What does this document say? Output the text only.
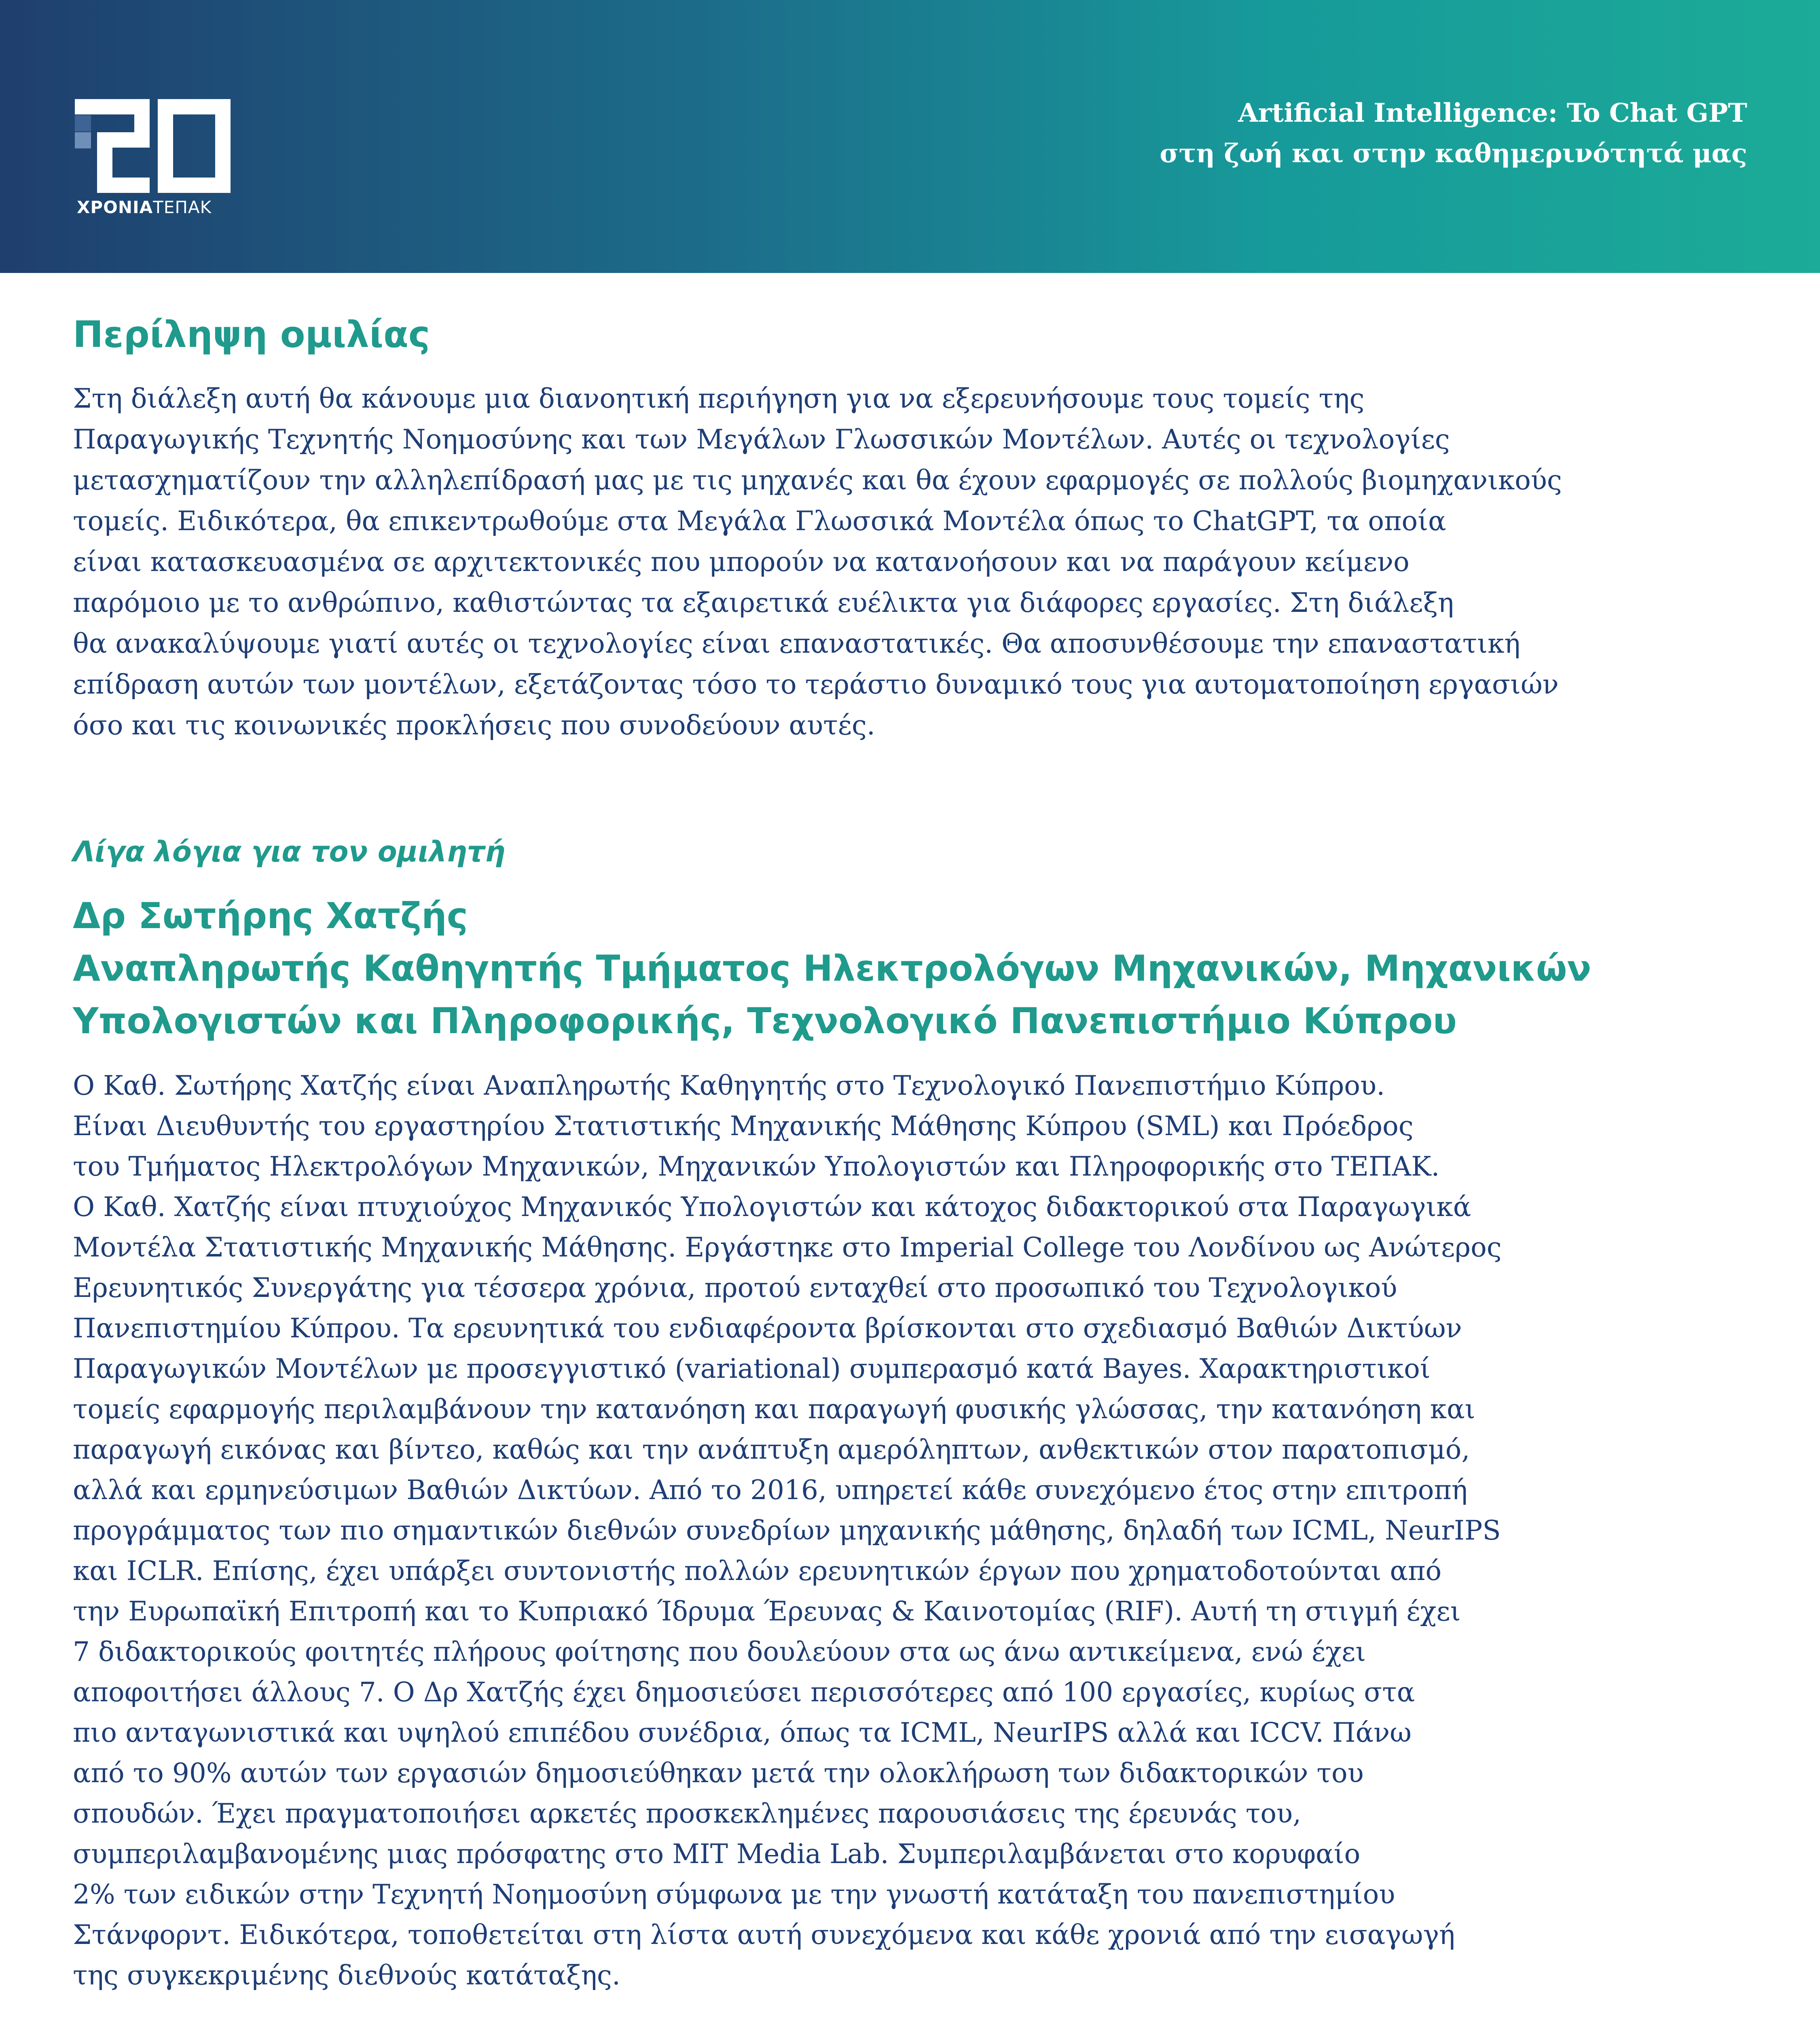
ΧΡΟΝΙΑΤΕΠΑΚ
Artificial Intelligence: To Chat GPT
στη ζωή και στην καθημερινότητά μας
Περίληψη ομιλίας
Στη διάλεξη αυτή θα κάνουμε μια διανοητική περιήγηση για να εξερευνήσουμε τους τομείς της
Παραγωγικής Τεχνητής Νοημοσύνης και των Μεγάλων Γλωσσικών Μοντέλων. Αυτές οι τεχνολογίες
μετασχηματίζουν την αλληλεπίδρασή μας με τις μηχανές και θα έχουν εφαρμογές σε πολλούς βιομηχανικούς
τομείς. Ειδικότερα, θα επικεντρωθούμε στα Μεγάλα Γλωσσικά Μοντέλα όπως το ChatGPT, τα οποία
είναι κατασκευασμένα σε αρχιτεκτονικές που μπορούν να κατανοήσουν και να παράγουν κείμενο
παρόμοιο με το ανθρώπινο, καθιστώντας τα εξαιρετικά ευέλικτα για διάφορες εργασίες. Στη διάλεξη
θα ανακαλύψουμε γιατί αυτές οι τεχνολογίες είναι επαναστατικές. Θα αποσυνθέσουμε την επαναστατική
επίδραση αυτών των μοντέλων, εξετάζοντας τόσο το τεράστιο δυναμικό τους για αυτοματοποίηση εργασιών
όσο και τις κοινωνικές προκλήσεις που συνοδεύουν αυτές.
Λίγα λόγια για τον ομιλητή
Δρ Σωτήρης Χατζής
Αναπληρωτής Καθηγητής Τμήματος Ηλεκτρολόγων Μηχανικών, Μηχανικών
Υπολογιστών και Πληροφορικής, Τεχνολογικό Πανεπιστήμιο Κύπρου
Ο Καθ. Σωτήρης Χατζής είναι Αναπληρωτής Καθηγητής στο Τεχνολογικό Πανεπιστήμιο Κύπρου.
Είναι Διευθυντής του εργαστηρίου Στατιστικής Μηχανικής Μάθησης Κύπρου (SML) και Πρόεδρος
του Τμήματος Ηλεκτρολόγων Μηχανικών, Μηχανικών Υπολογιστών και Πληροφορικής στο ΤΕΠΑΚ.
Ο Καθ. Χατζής είναι πτυχιούχος Μηχανικός Υπολογιστών και κάτοχος διδακτορικού στα Παραγωγικά
Μοντέλα Στατιστικής Μηχανικής Μάθησης. Εργάστηκε στο Imperial College του Λονδίνου ως Ανώτερος
Ερευνητικός Συνεργάτης για τέσσερα χρόνια, προτού ενταχθεί στο προσωπικό του Τεχνολογικού
Πανεπιστημίου Κύπρου. Τα ερευνητικά του ενδιαφέροντα βρίσκονται στο σχεδιασμό Βαθιών Δικτύων
Παραγωγικών Μοντέλων με προσεγγιστικό (variational) συμπερασμό κατά Bayes. Χαρακτηριστικοί
τομείς εφαρμογής περιλαμβάνουν την κατανόηση και παραγωγή φυσικής γλώσσας, την κατανόηση και
παραγωγή εικόνας και βίντεο, καθώς και την ανάπτυξη αμερόληπτων, ανθεκτικών στον παρατοπισμό,
αλλά και ερμηνεύσιμων Βαθιών Δικτύων. Από το 2016, υπηρετεί κάθε συνεχόμενο έτος στην επιτροπή
προγράμματος των πιο σημαντικών διεθνών συνεδρίων μηχανικής μάθησης, δηλαδή των ICML, NeurIPS
και ICLR. Επίσης, έχει υπάρξει συντονιστής πολλών ερευνητικών έργων που χρηματοδοτούνται από
την Ευρωπαϊκή Επιτροπή και το Κυπριακό Ίδρυμα Έρευνας & Καινοτομίας (RIF). Αυτή τη στιγμή έχει
7 διδακτορικούς φοιτητές πλήρους φοίτησης που δουλεύουν στα ως άνω αντικείμενα, ενώ έχει
αποφοιτήσει άλλους 7. Ο Δρ Χατζής έχει δημοσιεύσει περισσότερες από 100 εργασίες, κυρίως στα
πιο ανταγωνιστικά και υψηλού επιπέδου συνέδρια, όπως τα ICML, NeurIPS αλλά και ICCV. Πάνω
από το 90% αυτών των εργασιών δημοσιεύθηκαν μετά την ολοκλήρωση των διδακτορικών του
σπουδών. Έχει πραγματοποιήσει αρκετές προσκεκλημένες παρουσιάσεις της έρευνάς του,
συμπεριλαμβανομένης μιας πρόσφατης στο MIT Media Lab. Συμπεριλαμβάνεται στο κορυφαίο
2% των ειδικών στην Τεχνητή Νοημοσύνη σύμφωνα με την γνωστή κατάταξη του πανεπιστημίου
Στάνφορντ. Ειδικότερα, τοποθετείται στη λίστα αυτή συνεχόμενα και κάθε χρονιά από την εισαγωγή
της συγκεκριμένης διεθνούς κατάταξης.
